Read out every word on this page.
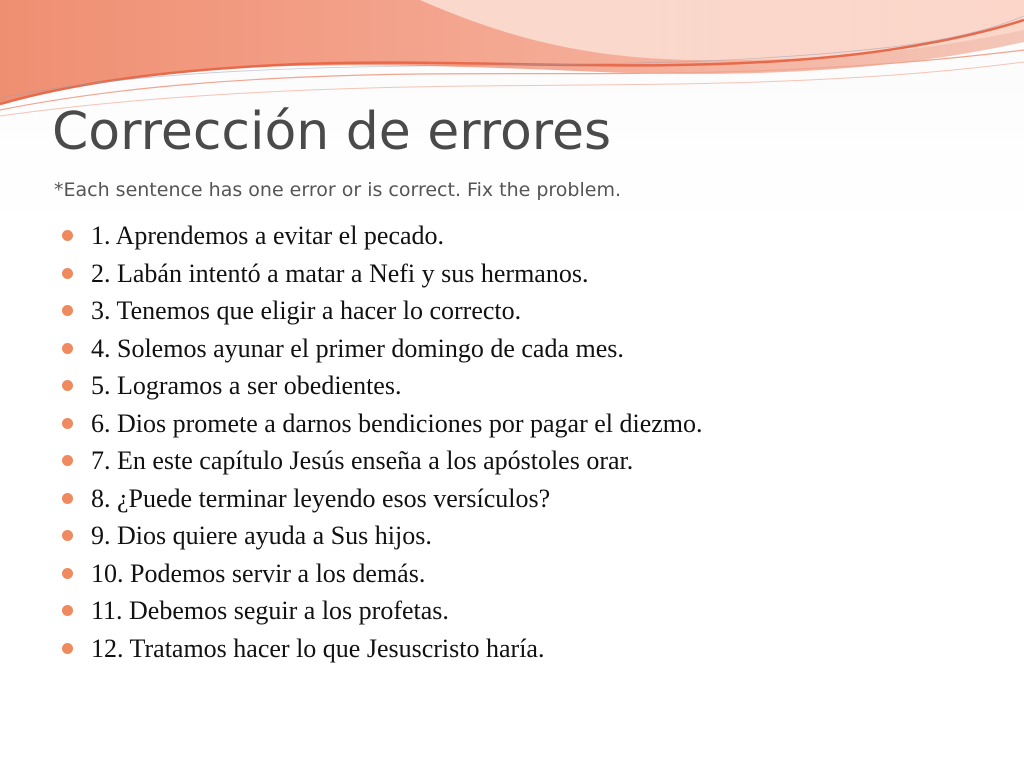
Corrección de errores

*Each sentence has one error or is correct. Fix the problem.

1. Aprendemos a evitar el pecado.
2. Labán intentó a matar a Nefi y sus hermanos.
3. Tenemos que eligir a hacer lo correcto.
4. Solemos ayunar el primer domingo de cada mes.
5. Logramos a ser obedientes.
6. Dios promete a darnos bendiciones por pagar el diezmo.
7. En este capítulo Jesús enseña a los apóstoles orar.
8. ¿Puede terminar leyendo esos versículos?
9. Dios quiere ayuda a Sus hijos.
10. Podemos servir a los demás.
11. Debemos seguir a los profetas.
12. Tratamos hacer lo que Jesuscristo haría.
